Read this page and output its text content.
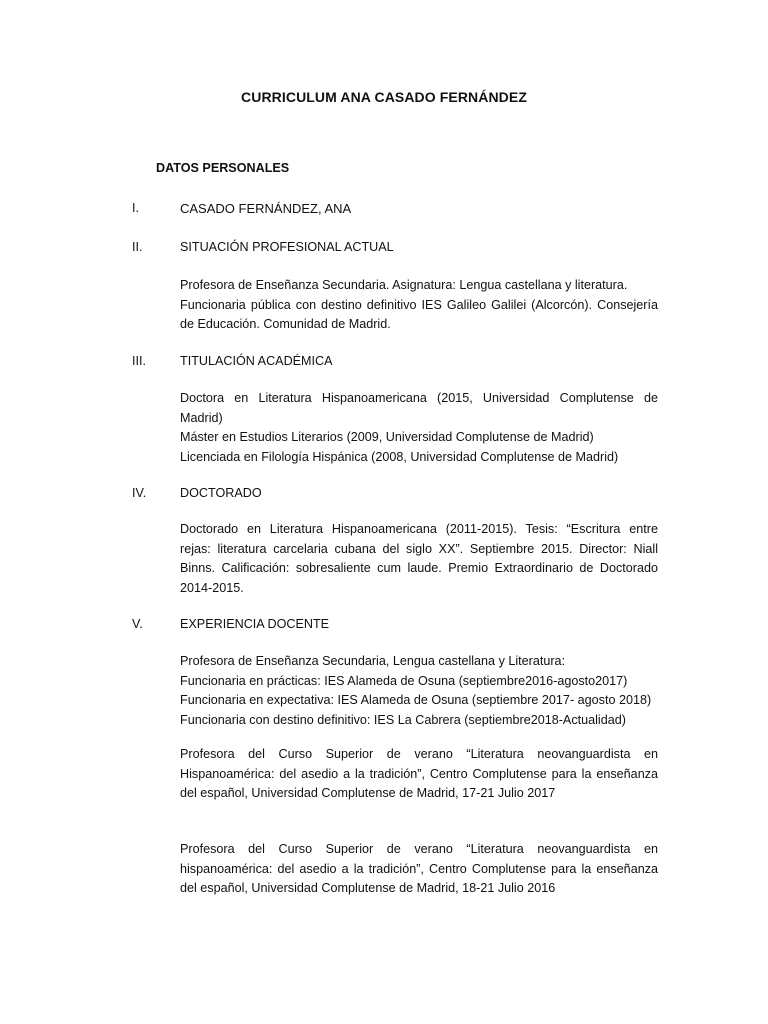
CURRICULUM ANA CASADO FERNÁNDEZ
DATOS PERSONALES
I.	CASADO FERNÁNDEZ, ANA
II.	SITUACIÓN PROFESIONAL ACTUAL
Profesora de Enseñanza Secundaria. Asignatura: Lengua castellana y literatura.
Funcionaria pública con destino definitivo IES Galileo Galilei (Alcorcón). Consejería
de Educación. Comunidad de Madrid.
III.	TITULACIÓN ACADÉMICA
Doctora en Literatura Hispanoamericana (2015, Universidad Complutense de
Madrid)
Máster en Estudios Literarios (2009, Universidad Complutense de Madrid)
Licenciada en Filología Hispánica (2008, Universidad Complutense de Madrid)
IV.	DOCTORADO
Doctorado en Literatura Hispanoamericana (2011-2015). Tesis: “Escritura entre
rejas: literatura carcelaria cubana del siglo XX”. Septiembre 2015. Director: Niall
Binns. Calificación: sobresaliente cum laude. Premio Extraordinario de Doctorado
2014-2015.
V.	EXPERIENCIA DOCENTE
Profesora de Enseñanza Secundaria, Lengua castellana y Literatura:
Funcionaria en prácticas: IES Alameda de Osuna (septiembre2016-agosto2017)
Funcionaria en expectativa: IES Alameda de Osuna (septiembre 2017- agosto 2018)
Funcionaria con destino definitivo: IES La Cabrera (septiembre2018-Actualidad)
Profesora del Curso Superior de verano “Literatura neovanguardista en
Hispanoamérica: del asedio a la tradición”, Centro Complutense para la enseñanza
del español, Universidad Complutense de Madrid, 17-21 Julio 2017
Profesora del Curso Superior de verano “Literatura neovanguardista en
hispanoamérica: del asedio a la tradición”, Centro Complutense para la enseñanza
del español, Universidad Complutense de Madrid, 18-21 Julio 2016
